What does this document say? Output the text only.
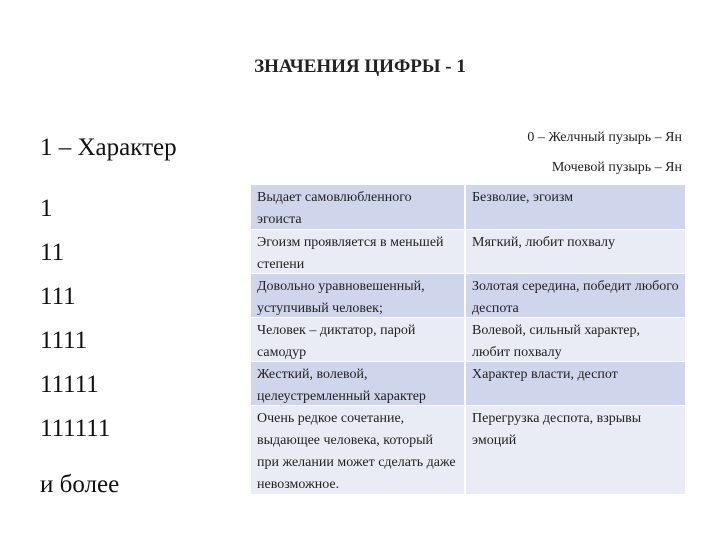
ЗНАЧЕНИЯ ЦИФРЫ - 1
1 – Характер	0 – Желчный пузырь – Ян
Мочевой пузырь – Ян
1
11
111
1111
11111
111111
и более
Выдает самовлюбленного эгоиста
Безволие, эгоизм
Эгоизм проявляется в меньшей степени
Мягкий, любит похвалу
Довольно уравновешенный, уступчивый человек;
Золотая середина, победит любого деспота
Человек – диктатор, парой самодур
Волевой, сильный характер, любит похвалу
Жесткий, волевой, целеустремленный характер
Характер власти, деспот
Очень редкое сочетание, выдающее человека, который при желании может сделать даже невозможное.
Перегрузка деспота, взрывы эмоций
